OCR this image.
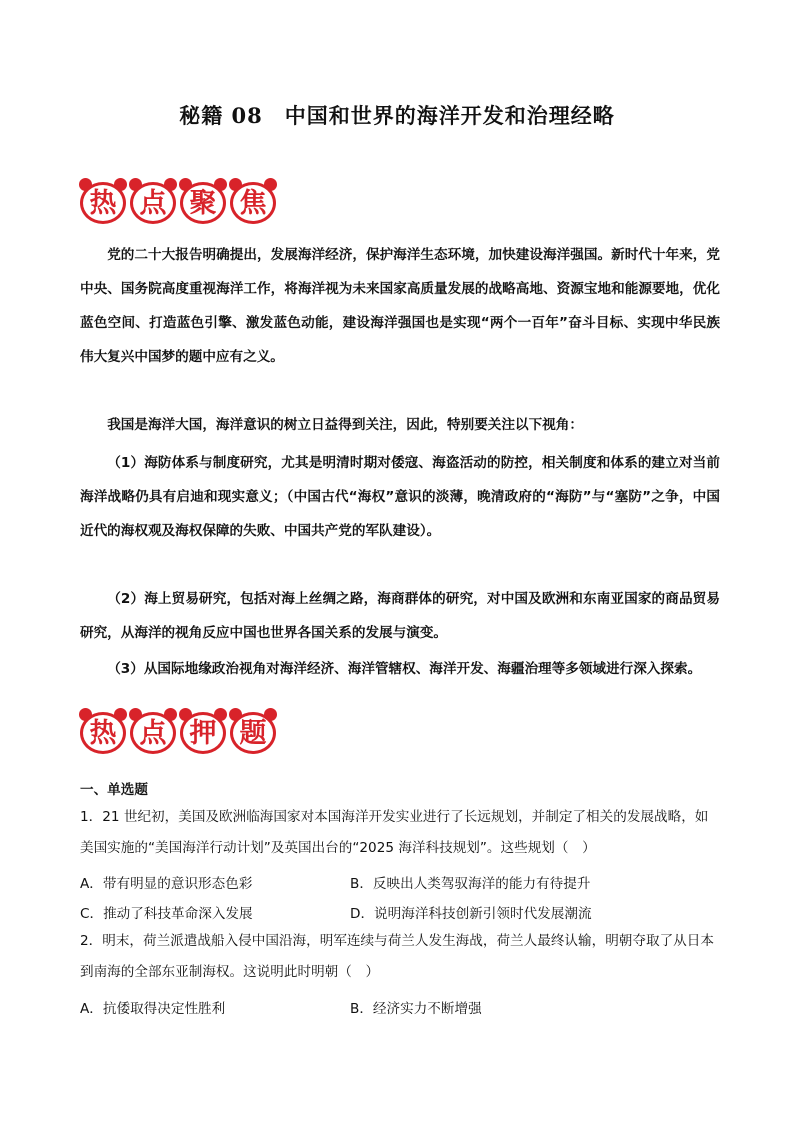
秘籍 08　中国和世界的海洋开发和治理经略
热 点 聚 焦
党的二十大报告明确提出，发展海洋经济，保护海洋生态环境，加快建设海洋强国。新时代十年来，党中央、国务院高度重视海洋工作，将海洋视为未来国家高质量发展的战略高地、资源宝地和能源要地，优化蓝色空间、打造蓝色引擎、激发蓝色动能，建设海洋强国也是实现“两个一百年”奋斗目标、实现中华民族伟大复兴中国梦的题中应有之义。
我国是海洋大国，海洋意识的树立日益得到关注，因此，特别要关注以下视角：
（1）海防体系与制度研究，尤其是明清时期对倭寇、海盗活动的防控，相关制度和体系的建立对当前海洋战略仍具有启迪和现实意义；（中国古代“海权”意识的淡薄，晚清政府的“海防”与“塞防”之争，中国近代的海权观及海权保障的失败、中国共产党的军队建设）。
（2）海上贸易研究，包括对海上丝绸之路，海商群体的研究，对中国及欧洲和东南亚国家的商品贸易研究，从海洋的视角反应中国也世界各国关系的发展与演变。
（3）从国际地缘政治视角对海洋经济、海洋管辖权、海洋开发、海疆治理等多领域进行深入探索。
热 点 押 题
一、单选题
1．21 世纪初，美国及欧洲临海国家对本国海洋开发实业进行了长远规划，并制定了相关的发展战略，如美国实施的“美国海洋行动计划”及英国出台的“2025 海洋科技规划”。这些规划（　）
A．带有明显的意识形态色彩	B．反映出人类驾驭海洋的能力有待提升
C．推动了科技革命深入发展	D．说明海洋科技创新引领时代发展潮流
2．明末，荷兰派遣战船入侵中国沿海，明军连续与荷兰人发生海战，荷兰人最终认输，明朝夺取了从日本到南海的全部东亚制海权。这说明此时明朝（　）
A．抗倭取得决定性胜利	B．经济实力不断增强
